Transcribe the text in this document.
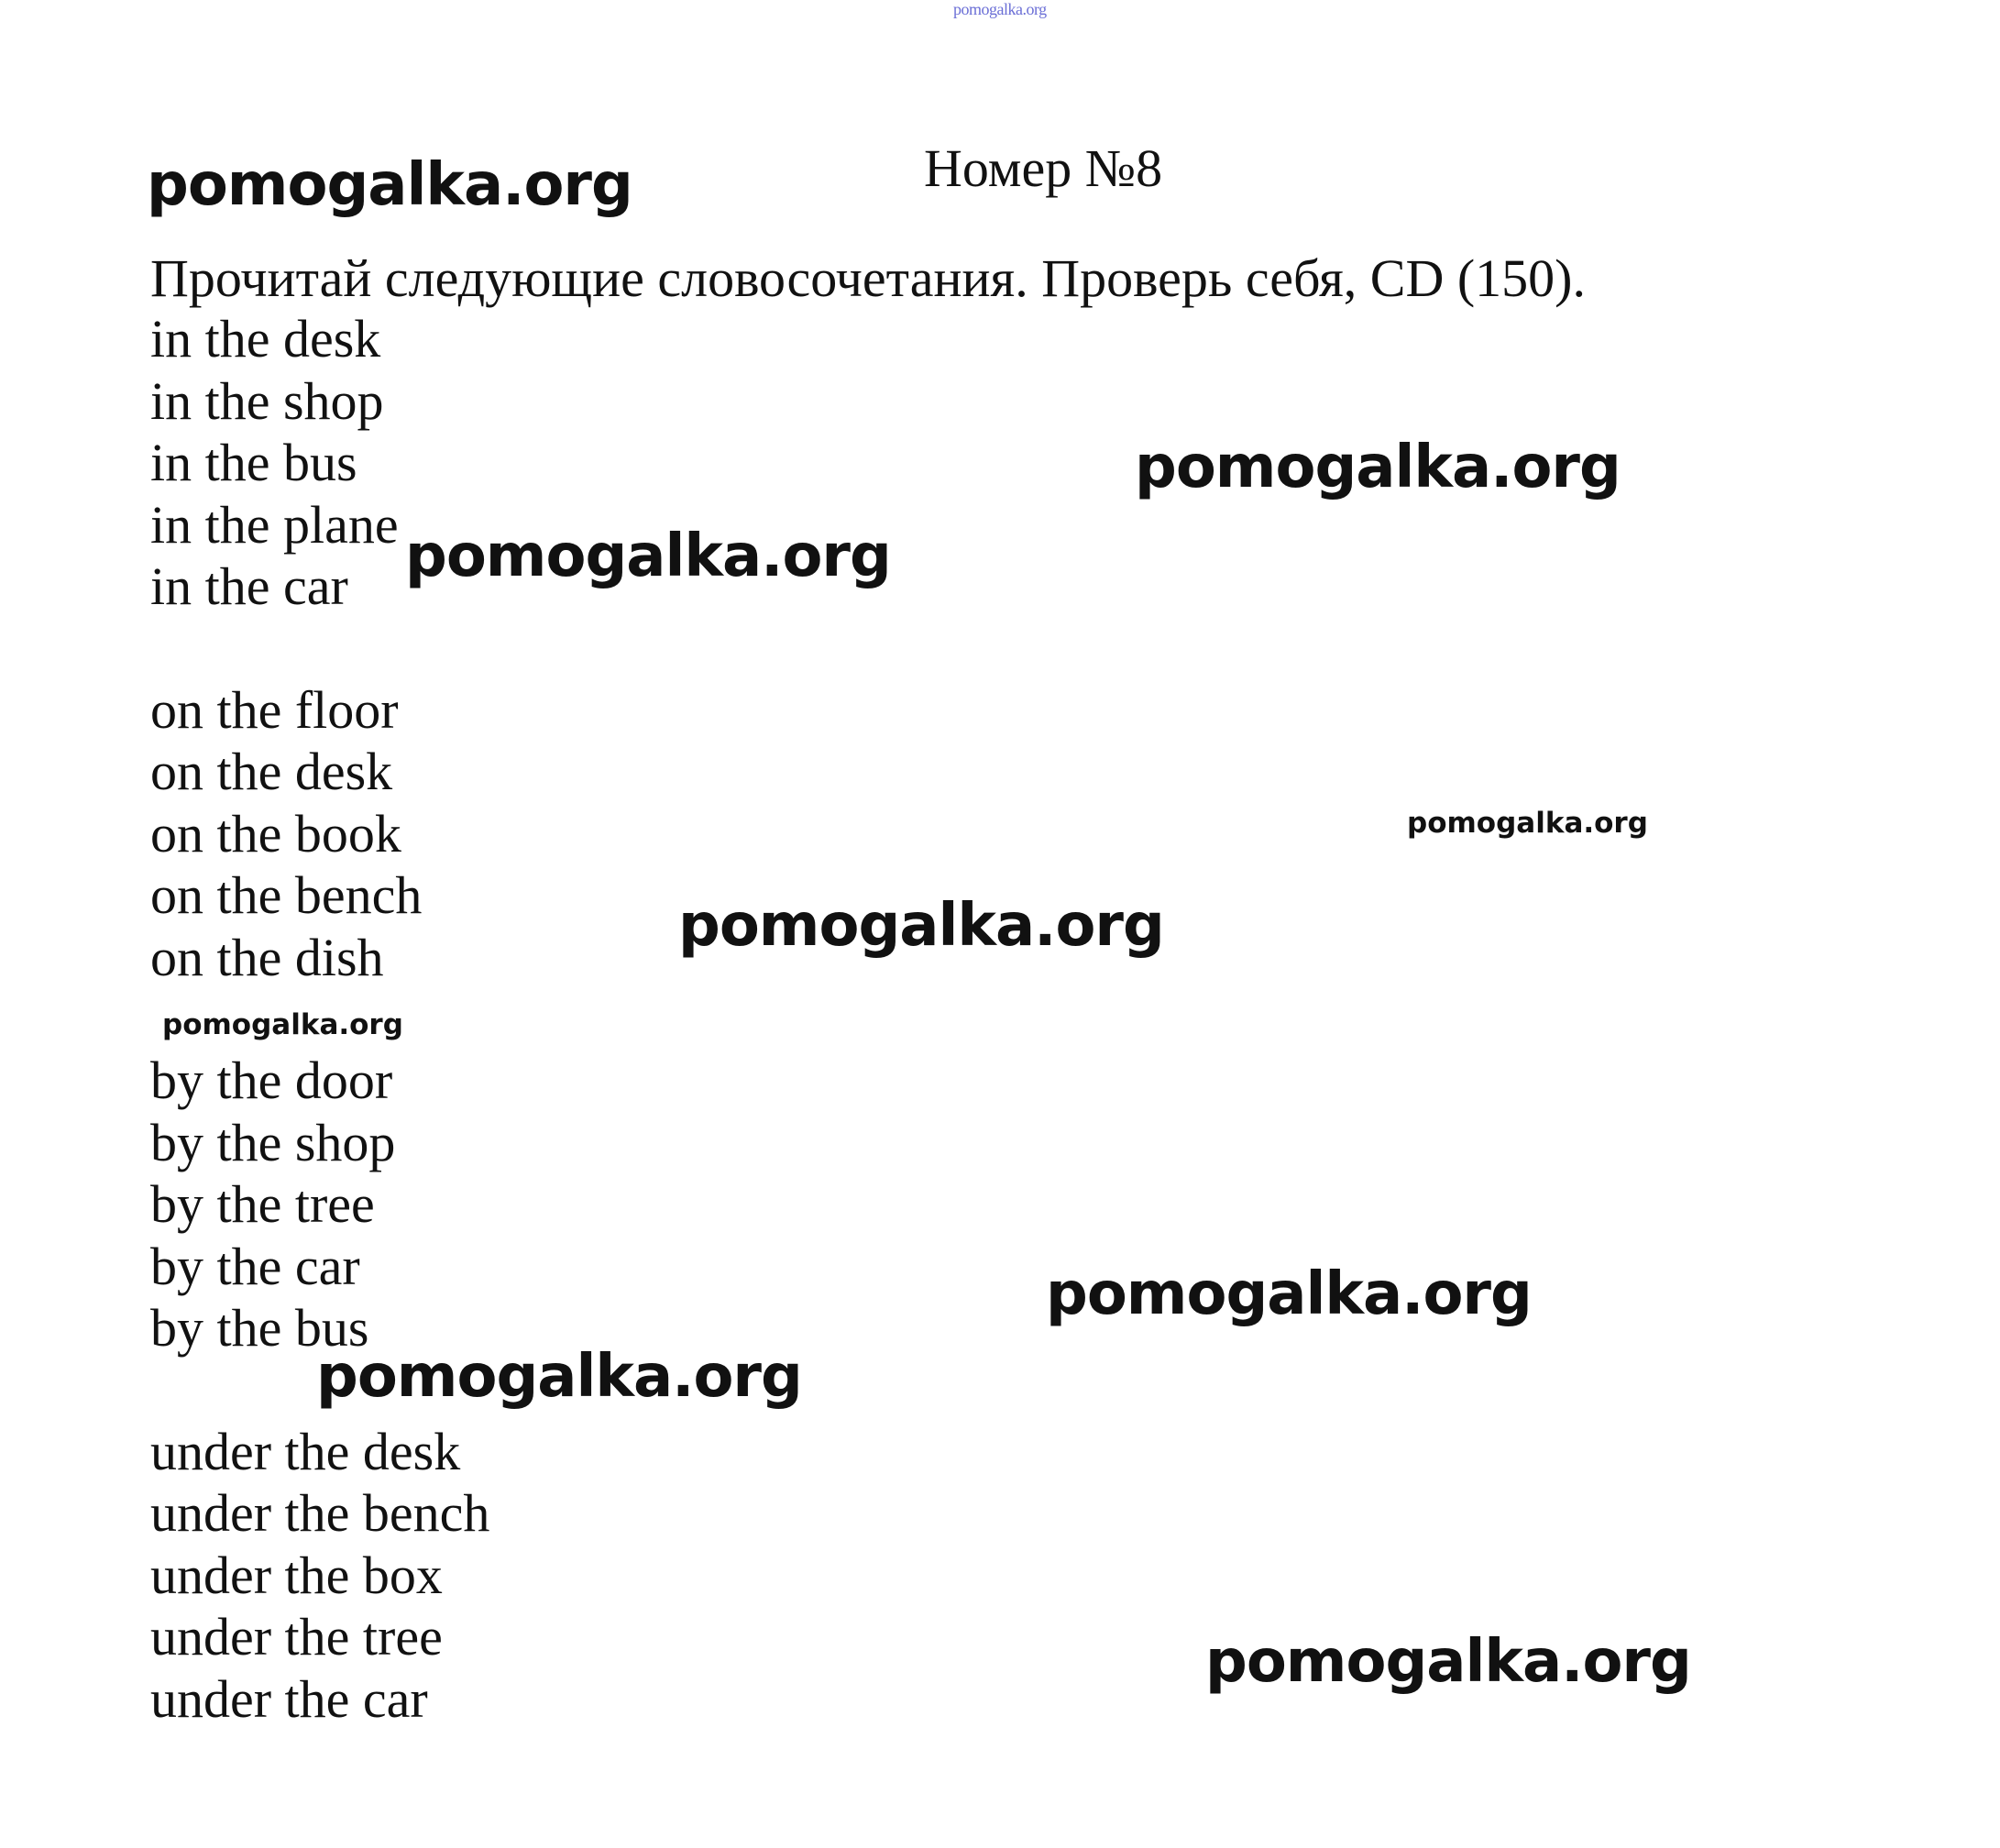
pomogalka.org
pomogalka.org	Номер №8
Прочитай следующие словосочетания. Проверь себя, CD (150).
in the desk
in the shop
in the bus
in the plane
in the car
on the floor
on the desk
on the book
on the bench
on the dish
by the door
by the shop
by the tree
by the car
by the bus
under the desk
under the bench
under the box
under the tree
under the car
pomogalka.org
pomogalka.org
pomogalka.org
pomogalka.org
pomogalka.org
pomogalka.org
pomogalka.org
pomogalka.org
